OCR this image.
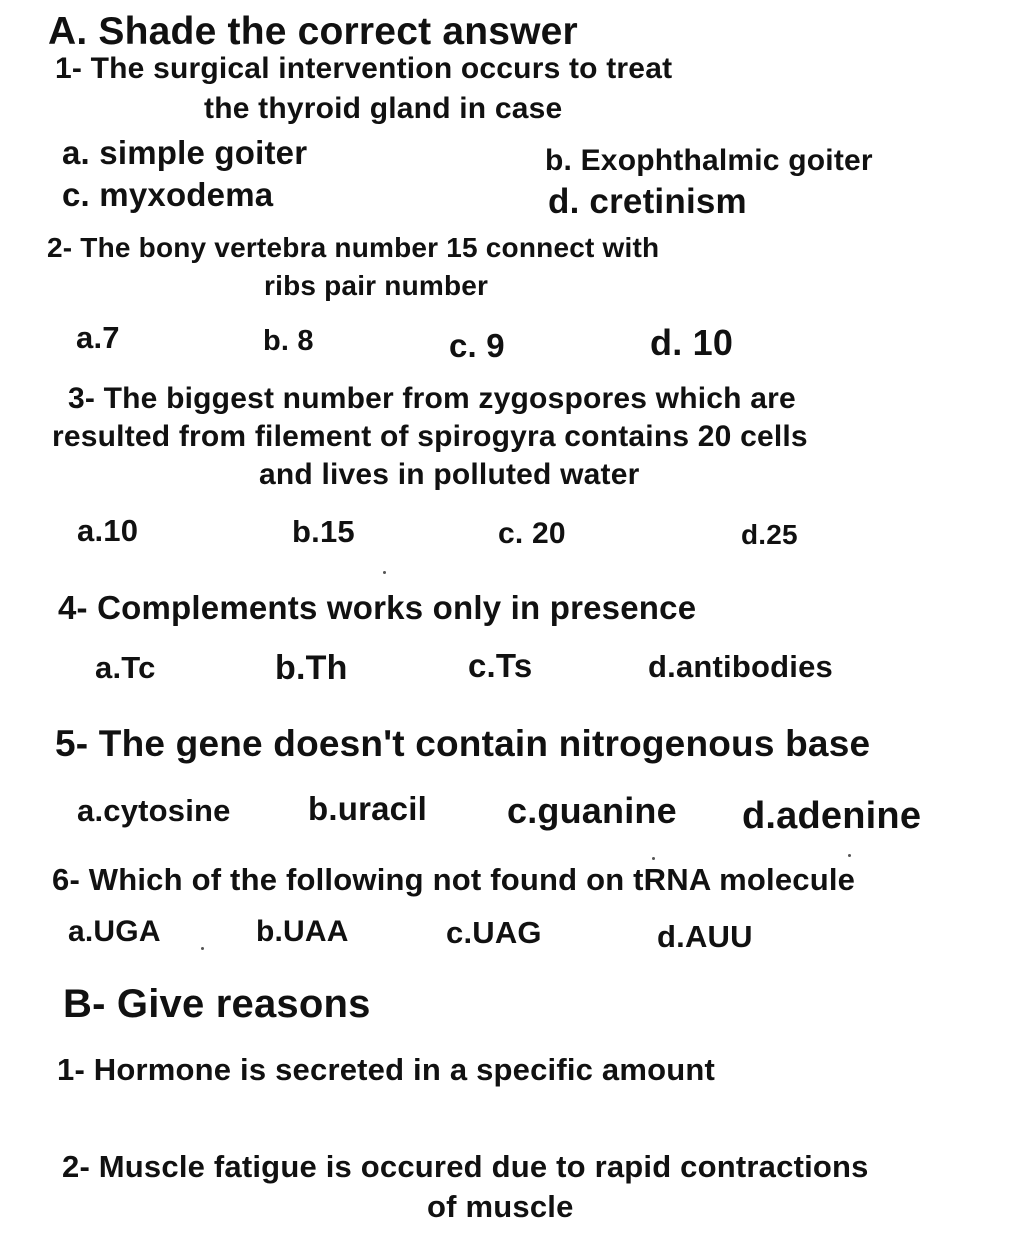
A. Shade the correct answer
1- The surgical intervention occurs to treat
the thyroid gland in case
a. simple goiter	b. Exophthalmic goiter
c. myxodema	d. cretinism
2- The bony vertebra number 15 connect with
ribs pair number
a.7	b. 8	c. 9	d. 10
3- The biggest number from zygospores which are
resulted from filement of spirogyra contains 20 cells
and lives in polluted water
a.10	b.15	c. 20	d.25
4- Complements works only in presence
a.Tc	b.Th	c.Ts	d.antibodies
5- The gene doesn't contain nitrogenous base
a.cytosine b.uracil c.guanine d.adenine
6- Which of the following not found on tRNA molecule
a.UGA	b.UAA	c.UAG	d.AUU
B- Give reasons
1- Hormone is secreted in a specific amount
2- Muscle fatigue is occured due to rapid contractions
of muscle
